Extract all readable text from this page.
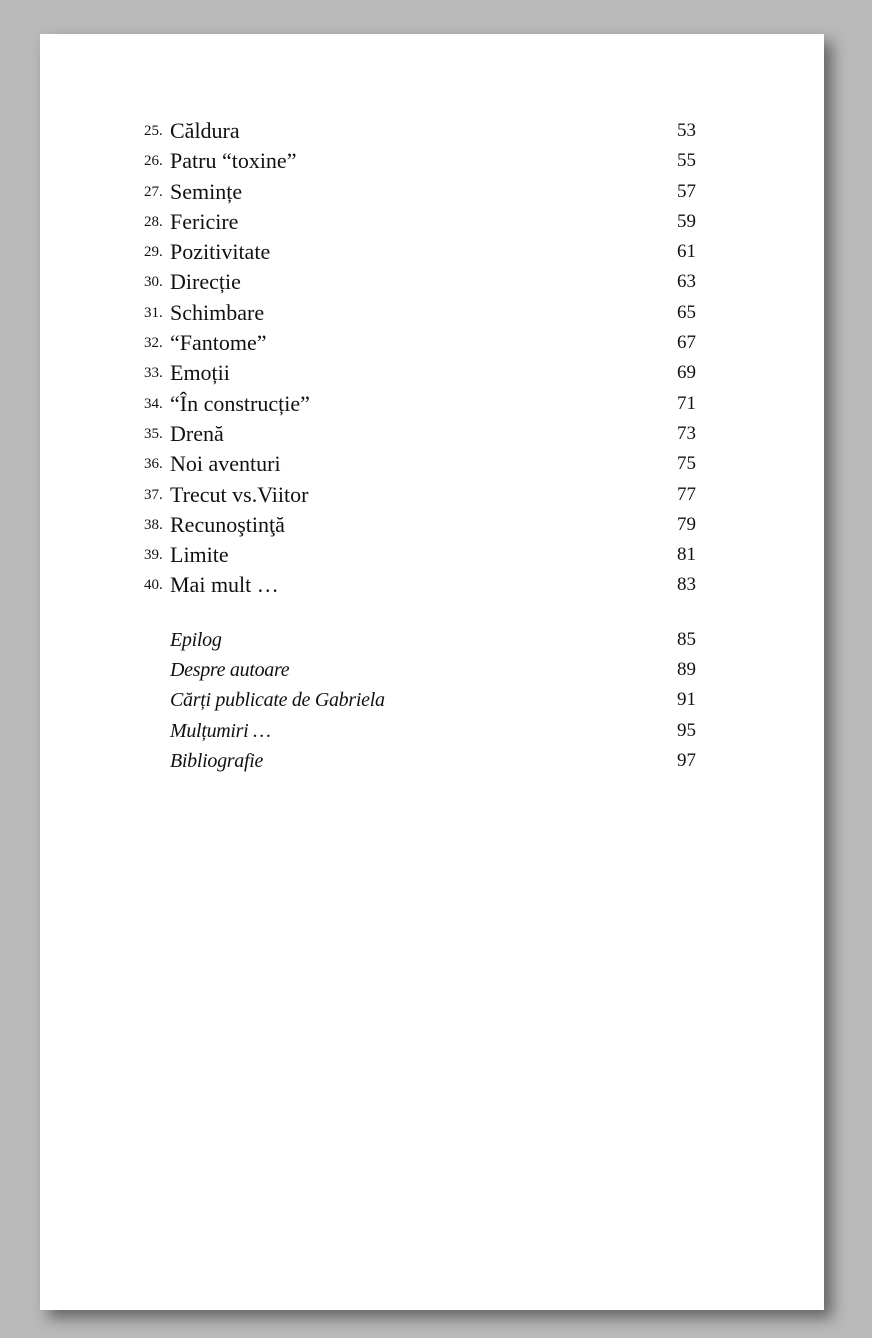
25. Căldura	53
26. Patru “toxine”	55
27. Semințe	57
28. Fericire	59
29. Pozitivitate	61
30. Direcție	63
31. Schimbare	65
32. “Fantome”	67
33. Emoții	69
34. “În construcție”	71
35. Drenă	73
36. Noi aventuri	75
37. Trecut vs.Viitor	77
38. Recunoştinţă	79
39. Limite	81
40. Mai mult …	83
Epilog	85
Despre autoare	89
Cărți publicate de Gabriela	91
Mulțumiri …	95
Bibliografie	97
